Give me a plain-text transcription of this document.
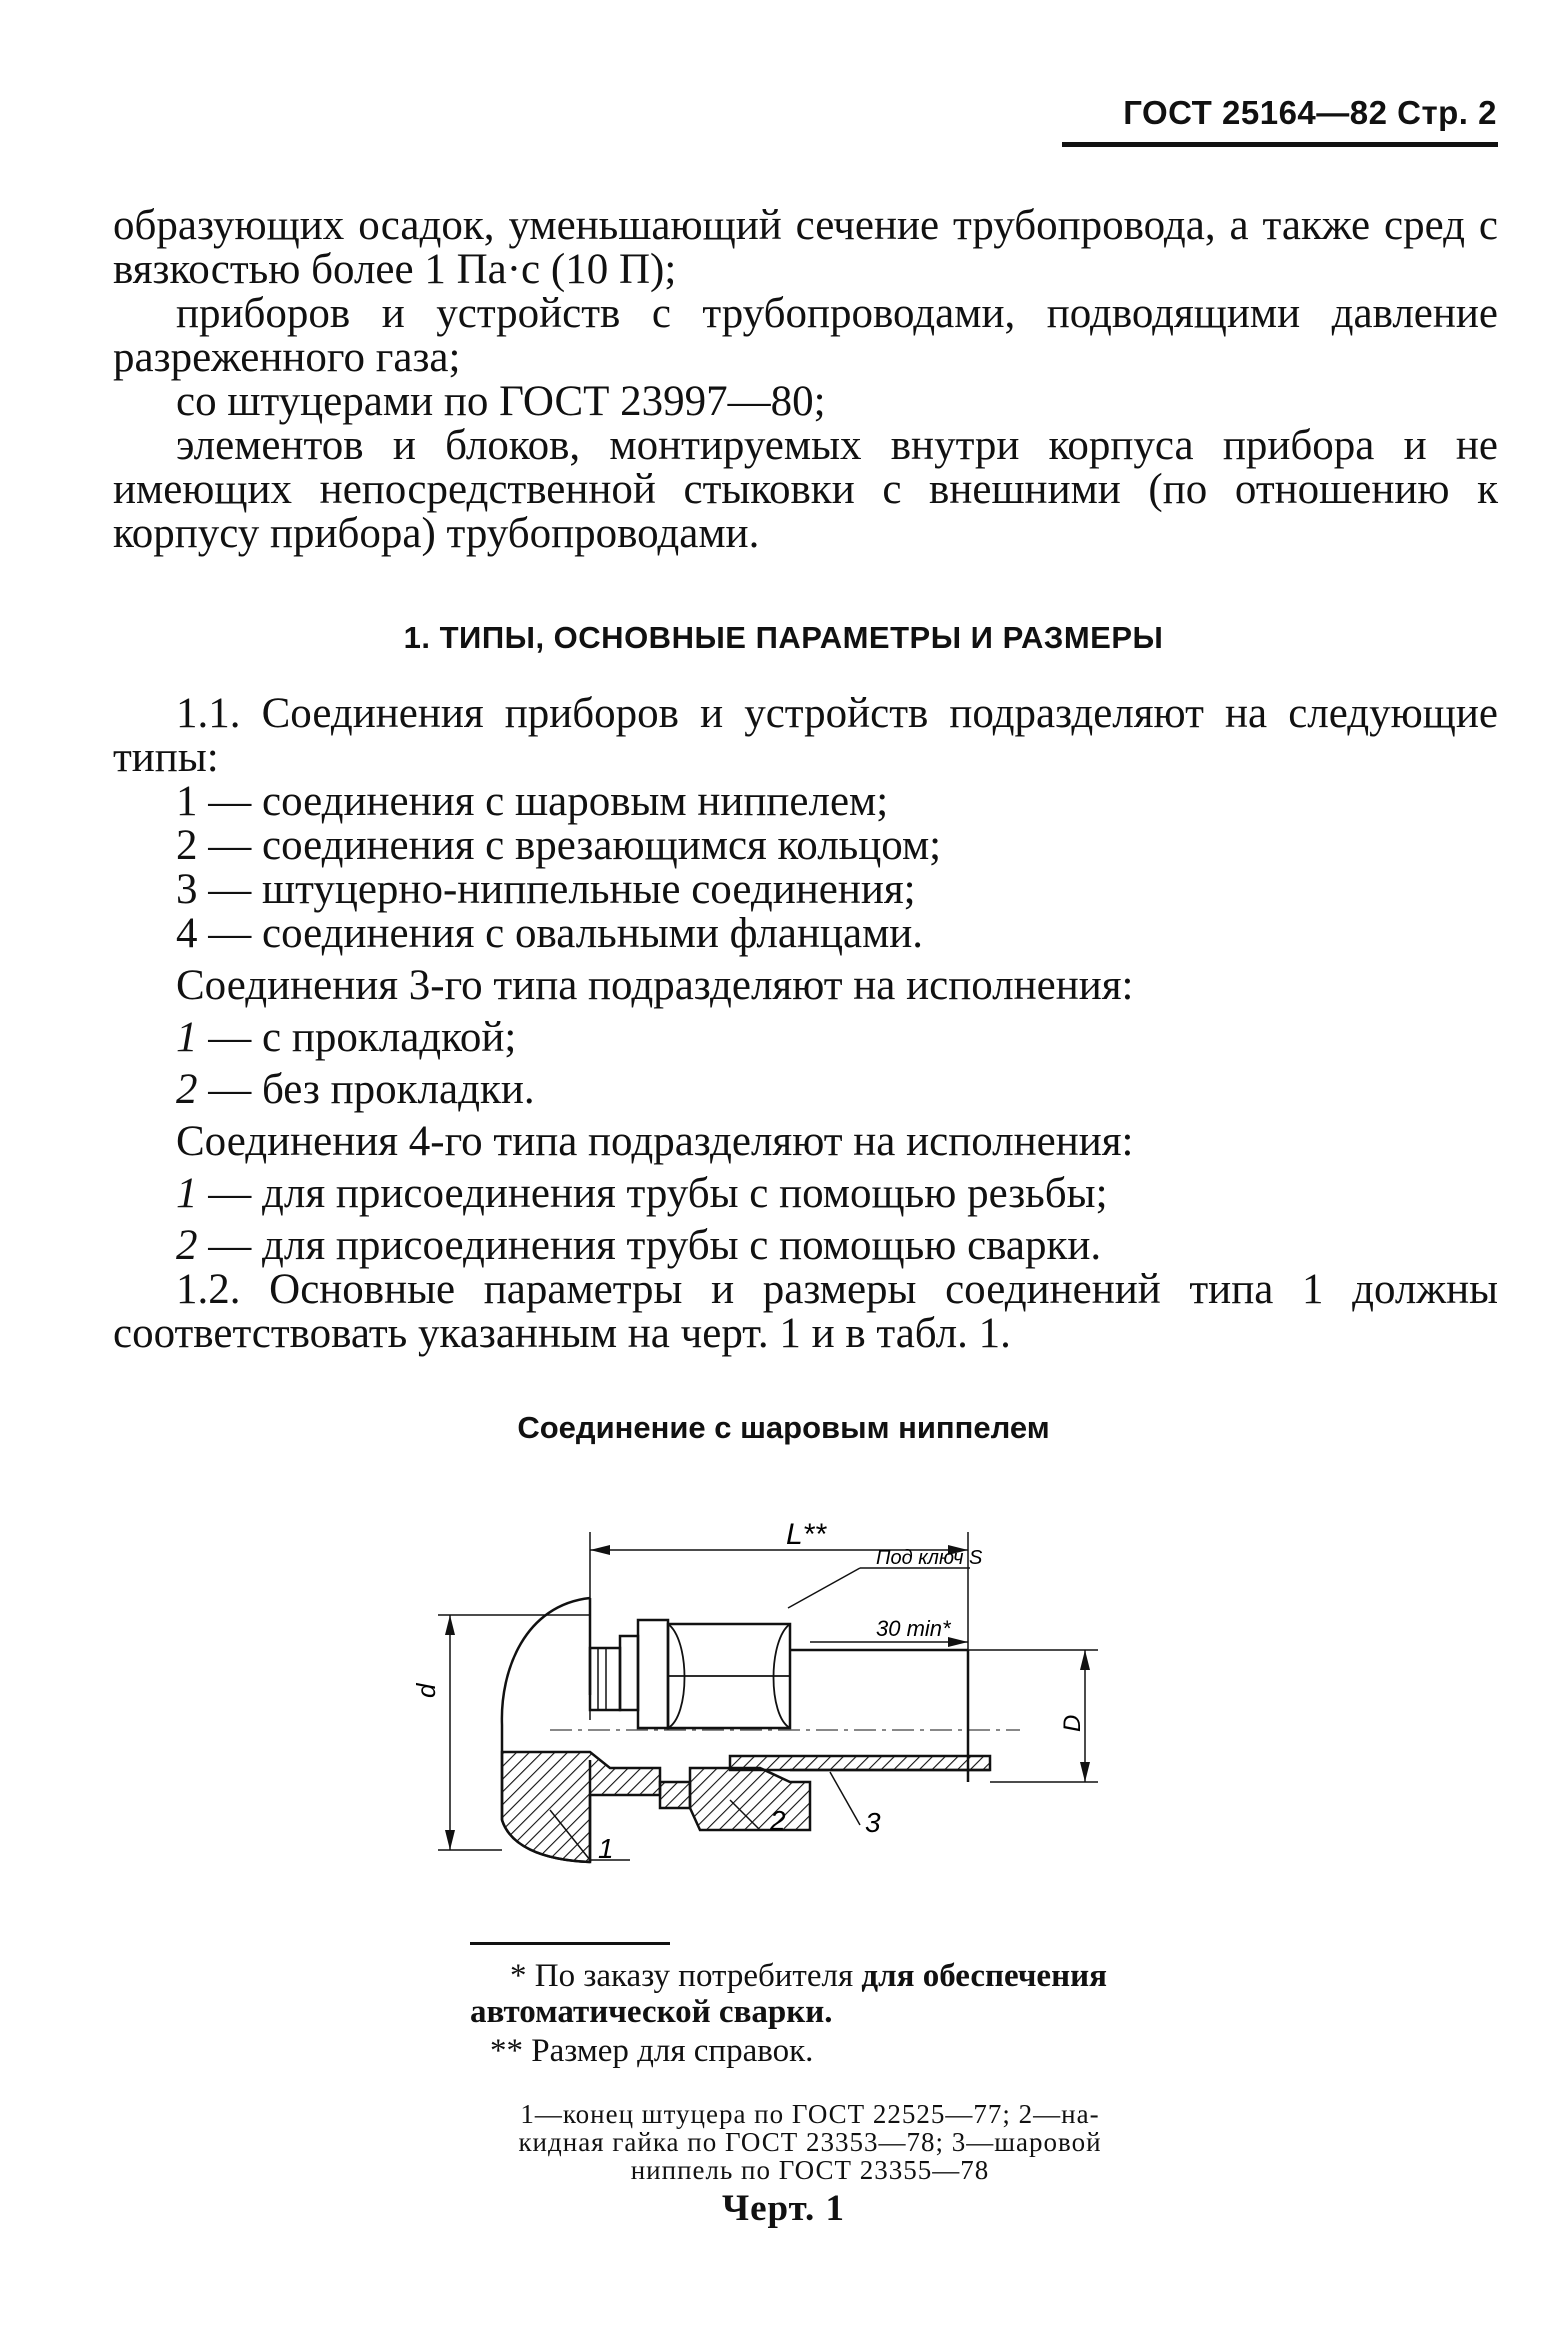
ГОСТ 25164—82 Стр. 2

образующих осадок, уменьшающий сечение трубопровода, а также сред с вязкостью более 1 Па·с (10 П);

приборов и устройств с трубопроводами, подводящими давление разреженного газа;

со штуцерами по ГОСТ 23997—80;

элементов и блоков, монтируемых внутри корпуса прибора и не имеющих непосредственной стыковки с внешними (по отношению к корпусу прибора) трубопроводами.

1. ТИПЫ, ОСНОВНЫЕ ПАРАМЕТРЫ И РАЗМЕРЫ

1.1. Соединения приборов и устройств подразделяют на следующие типы:

1 — соединения с шаровым ниппелем;

2 — соединения с врезающимся кольцом;

3 — штуцерно-ниппельные соединения;

4 — соединения с овальными фланцами.

Соединения 3-го типа подразделяют на исполнения:

1 — с прокладкой;

2 — без прокладки.

Соединения 4-го типа подразделяют на исполнения:

1 — для присоединения трубы с помощью резьбы;

2 — для присоединения трубы с помощью сварки.

1.2. Основные параметры и размеры соединений типа 1 должны соответствовать указанным на черт. 1 и в табл. 1.

Соединение с шаровым ниппелем
L**
Под ключ S
30 min*
d
D
1
2	3

* По заказу потребителя для обеспечения автоматической сварки.

** Размер для справок.

1—конец штуцера по ГОСТ 22525—77; 2—на-
кидная гайка по ГОСТ 23353—78; 3—шаровой
ниппель по ГОСТ 23355—78
Черт. 1
